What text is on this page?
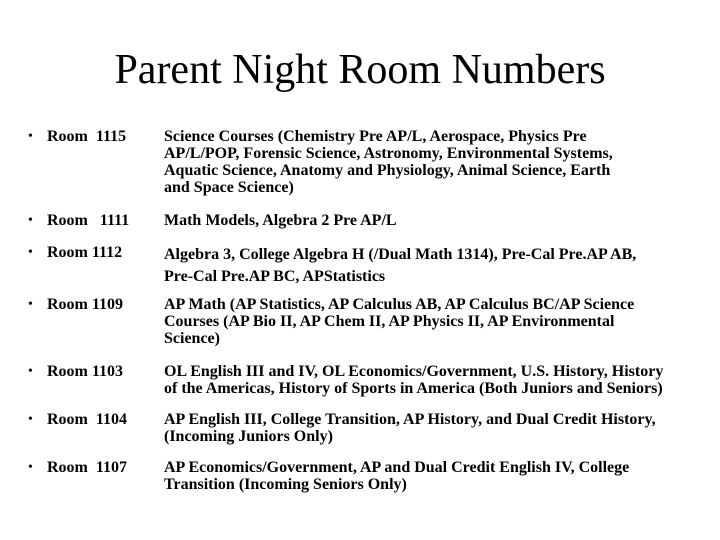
Parent Night Room Numbers
• Room  1115 Science Courses (Chemistry Pre AP/L, Aerospace, Physics Pre
AP/L/POP, Forensic Science, Astronomy, Environmental Systems,
Aquatic Science, Anatomy and Physiology, Animal Science, Earth
and Space Science)
• Room   1111 Math Models, Algebra 2 Pre AP/L
• Room 1112	Algebra 3, College Algebra H (/Dual Math 1314), Pre-Cal Pre.AP AB,
Pre-Cal Pre.AP BC, APStatistics
• Room 1109	AP Math (AP Statistics, AP Calculus AB, AP Calculus BC/AP Science
Courses (AP Bio II, AP Chem II, AP Physics II, AP Environmental
Science)
• Room 1103	OL English III and IV, OL Economics/Government, U.S. History, History
of the Americas, History of Sports in America (Both Juniors and Seniors)
• Room  1104 AP English III, College Transition, AP History, and Dual Credit History,
(Incoming Juniors Only)
• Room  1107 AP Economics/Government, AP and Dual Credit English IV, College
Transition (Incoming Seniors Only)
